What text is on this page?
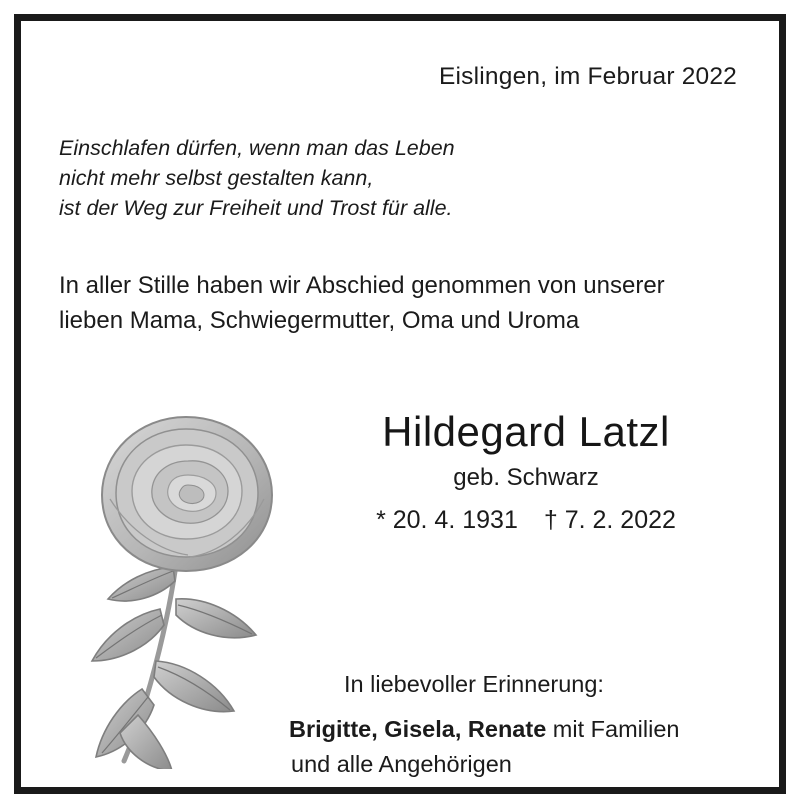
Eislingen, im Februar 2022
Einschlafen dürfen, wenn man das Leben
nicht mehr selbst gestalten kann,
ist der Weg zur Freiheit und Trost für alle.
In aller Stille haben wir Abschied genommen von unserer
lieben Mama, Schwiegermutter, Oma und Uroma
Hildegard Latzl
geb. Schwarz
* 20. 4. 1931 † 7. 2. 2022
In liebevoller Erinnerung:
Brigitte, Gisela, Renate mit Familien
und alle Angehörigen
